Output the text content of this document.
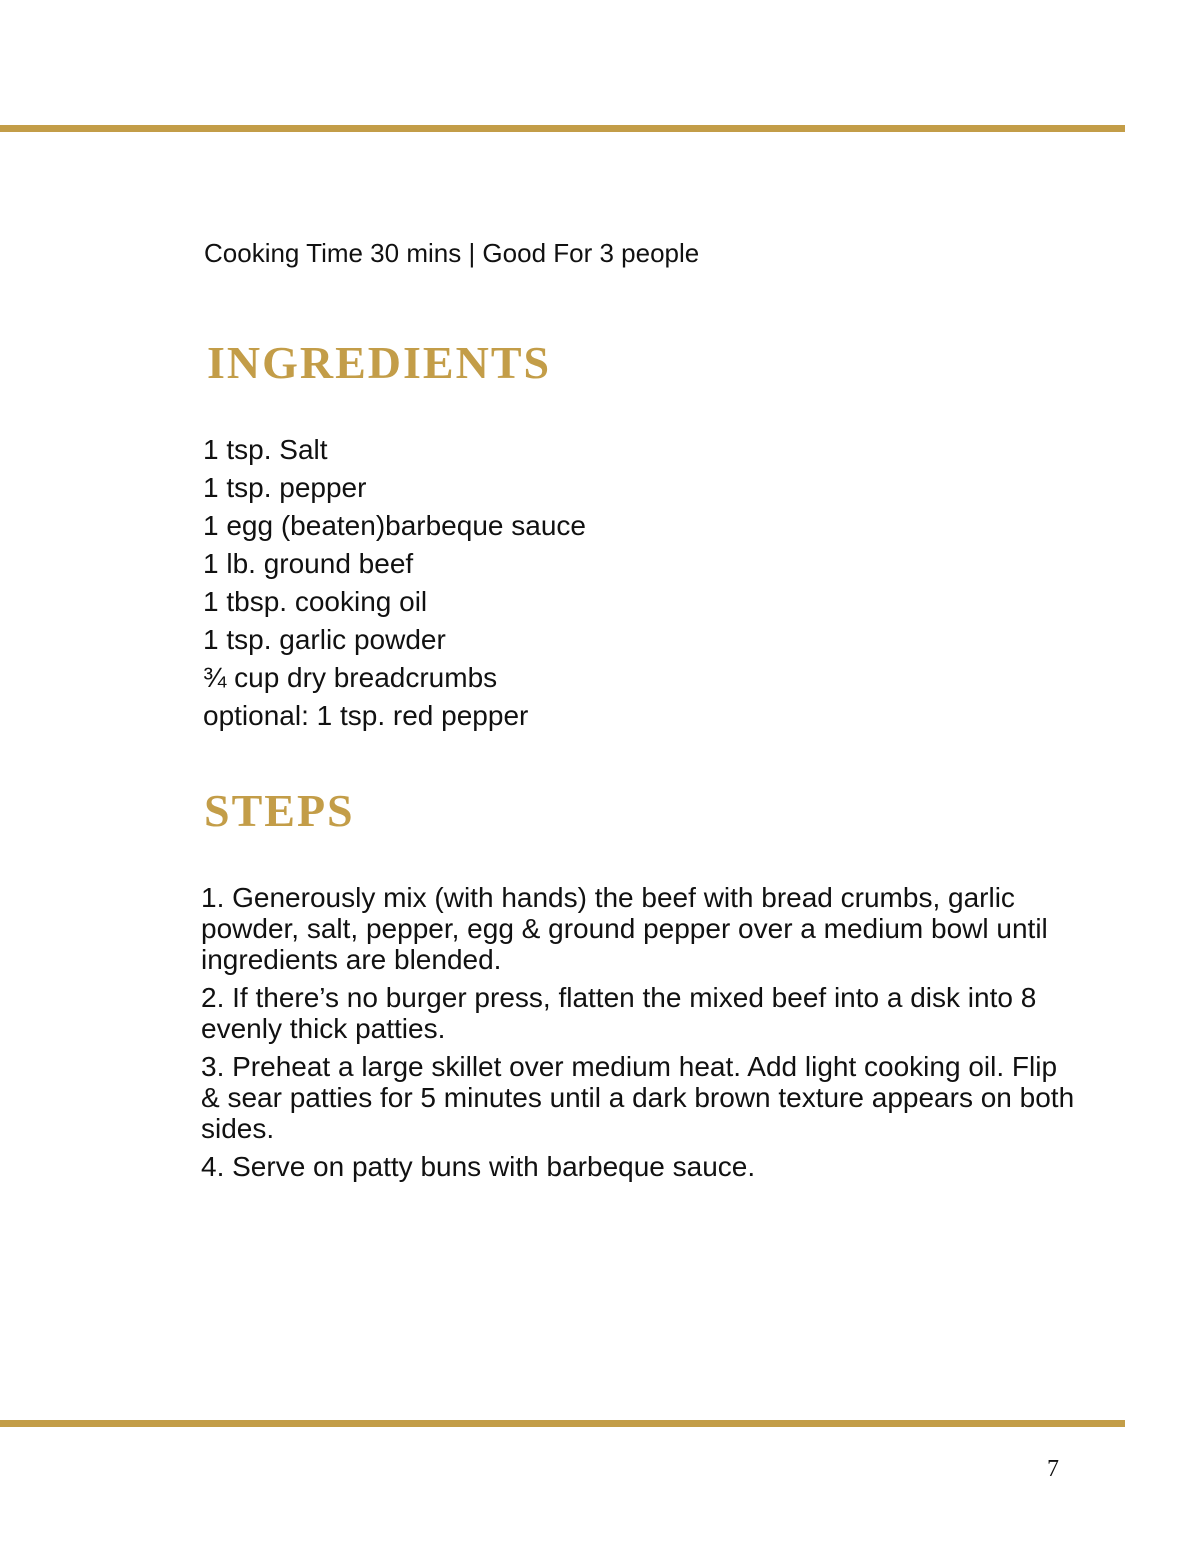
Cooking Time 30 mins | Good For 3 people
INGREDIENTS
1 tsp. Salt
1 tsp. pepper
1 egg (beaten)barbeque sauce
1 lb. ground beef
1 tbsp. cooking oil
1 tsp. garlic powder
¾ cup dry breadcrumbs
optional: 1 tsp. red pepper
STEPS

1. Generously mix (with hands) the beef with bread crumbs, garlic powder, salt, pepper, egg & ground pepper over a medium bowl until ingredients are blended.

2. If there’s no burger press, flatten the mixed beef into a disk into 8 evenly thick patties.

3. Preheat a large skillet over medium heat. Add light cooking oil. Flip & sear patties for 5 minutes until a dark brown texture appears on both sides.

4. Serve on patty buns with barbeque sauce.

7
